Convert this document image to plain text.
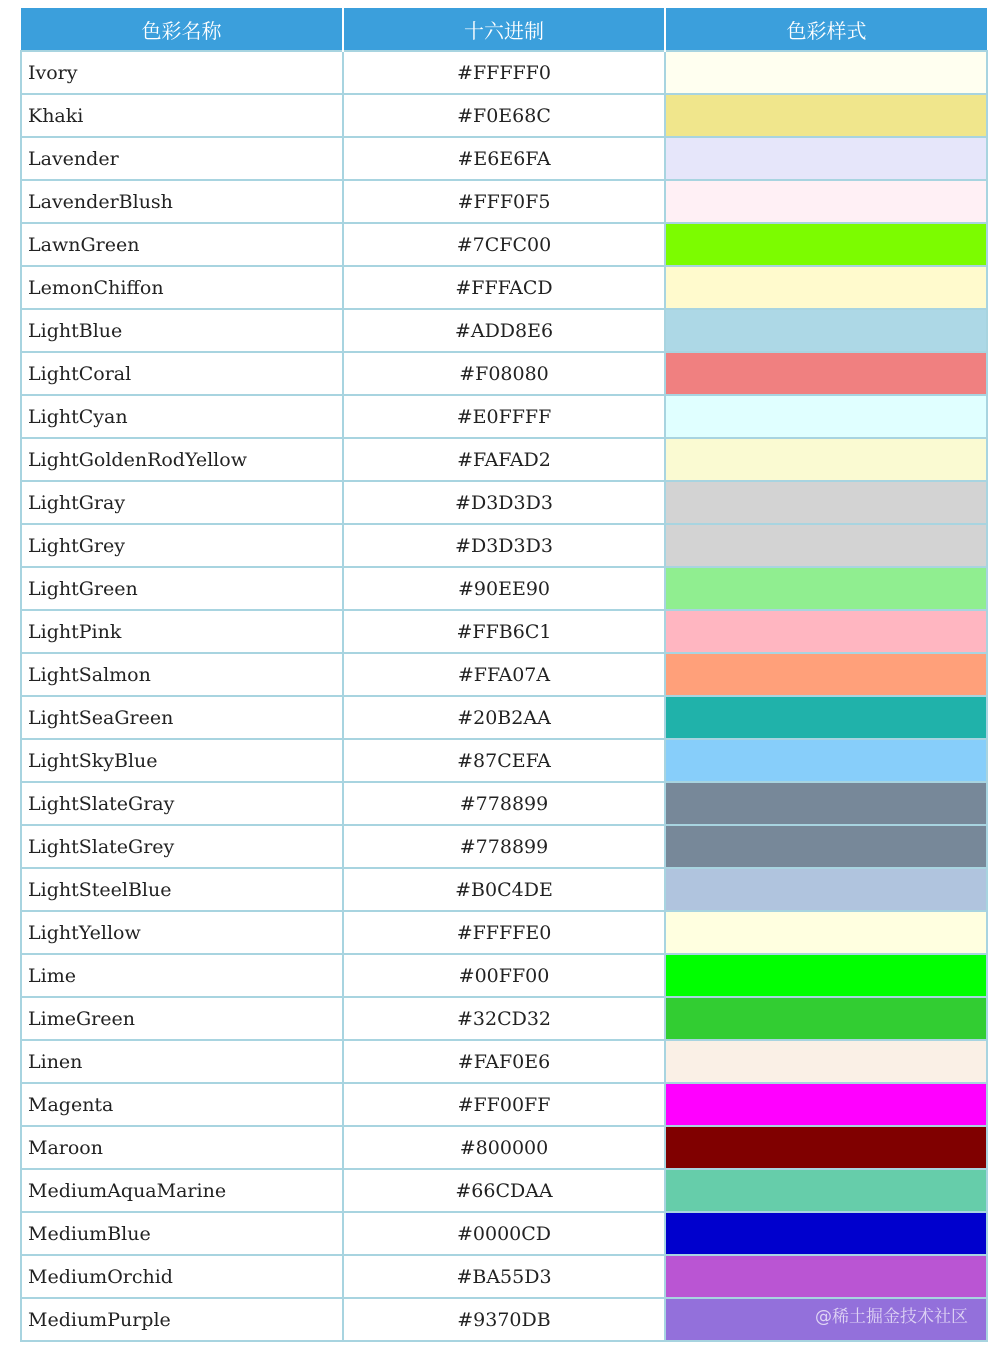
色彩名称	十六进制	色彩样式
Ivory	#FFFFF0	
Khaki	#F0E68C	
Lavender	#E6E6FA	
LavenderBlush	#FFF0F5	
LawnGreen	#7CFC00	
LemonChiffon	#FFFACD	
LightBlue	#ADD8E6	
LightCoral	#F08080	
LightCyan	#E0FFFF	
LightGoldenRodYellow	#FAFAD2	
LightGray	#D3D3D3	
LightGrey	#D3D3D3	
LightGreen	#90EE90	
LightPink	#FFB6C1	
LightSalmon	#FFA07A	
LightSeaGreen	#20B2AA	
LightSkyBlue	#87CEFA	
LightSlateGray	#778899	
LightSlateGrey	#778899	
LightSteelBlue	#B0C4DE	
LightYellow	#FFFFE0	
Lime	#00FF00	
LimeGreen	#32CD32	
Linen	#FAF0E6	
Magenta	#FF00FF	
Maroon	#800000	
MediumAquaMarine	#66CDAA	
MediumBlue	#0000CD	
MediumOrchid	#BA55D3	
MediumPurple	#9370DB		@稀土掘金技术社区
